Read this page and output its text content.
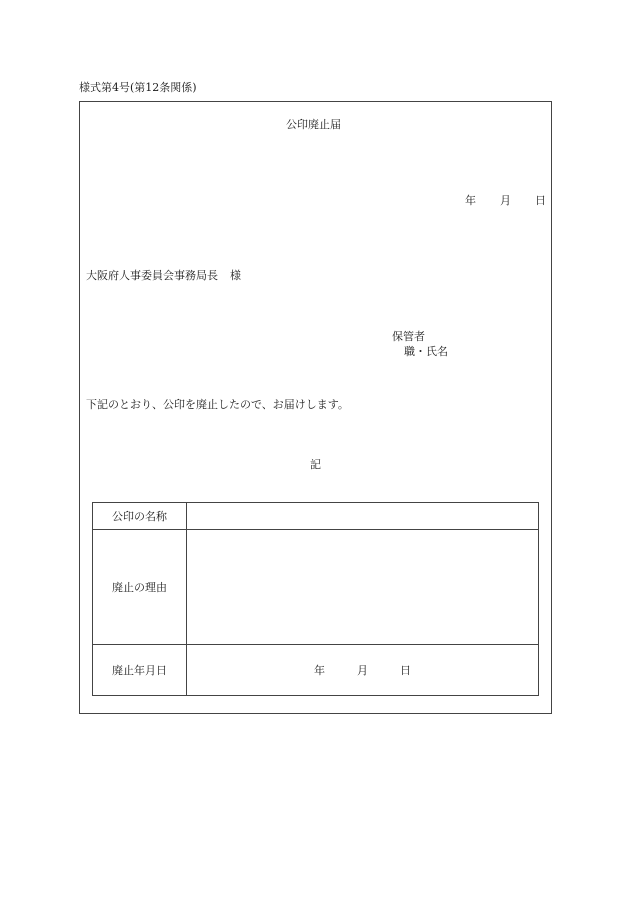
様式第4号(第12条関係)
公印廃止届
年 月 日
大阪府人事委員会事務局長 様
保管者
職・氏名
下記のとおり、公印を廃止したので、お届けします。
記
公印の名称	
廃止の理由	
廃止年月日	年 月 日
